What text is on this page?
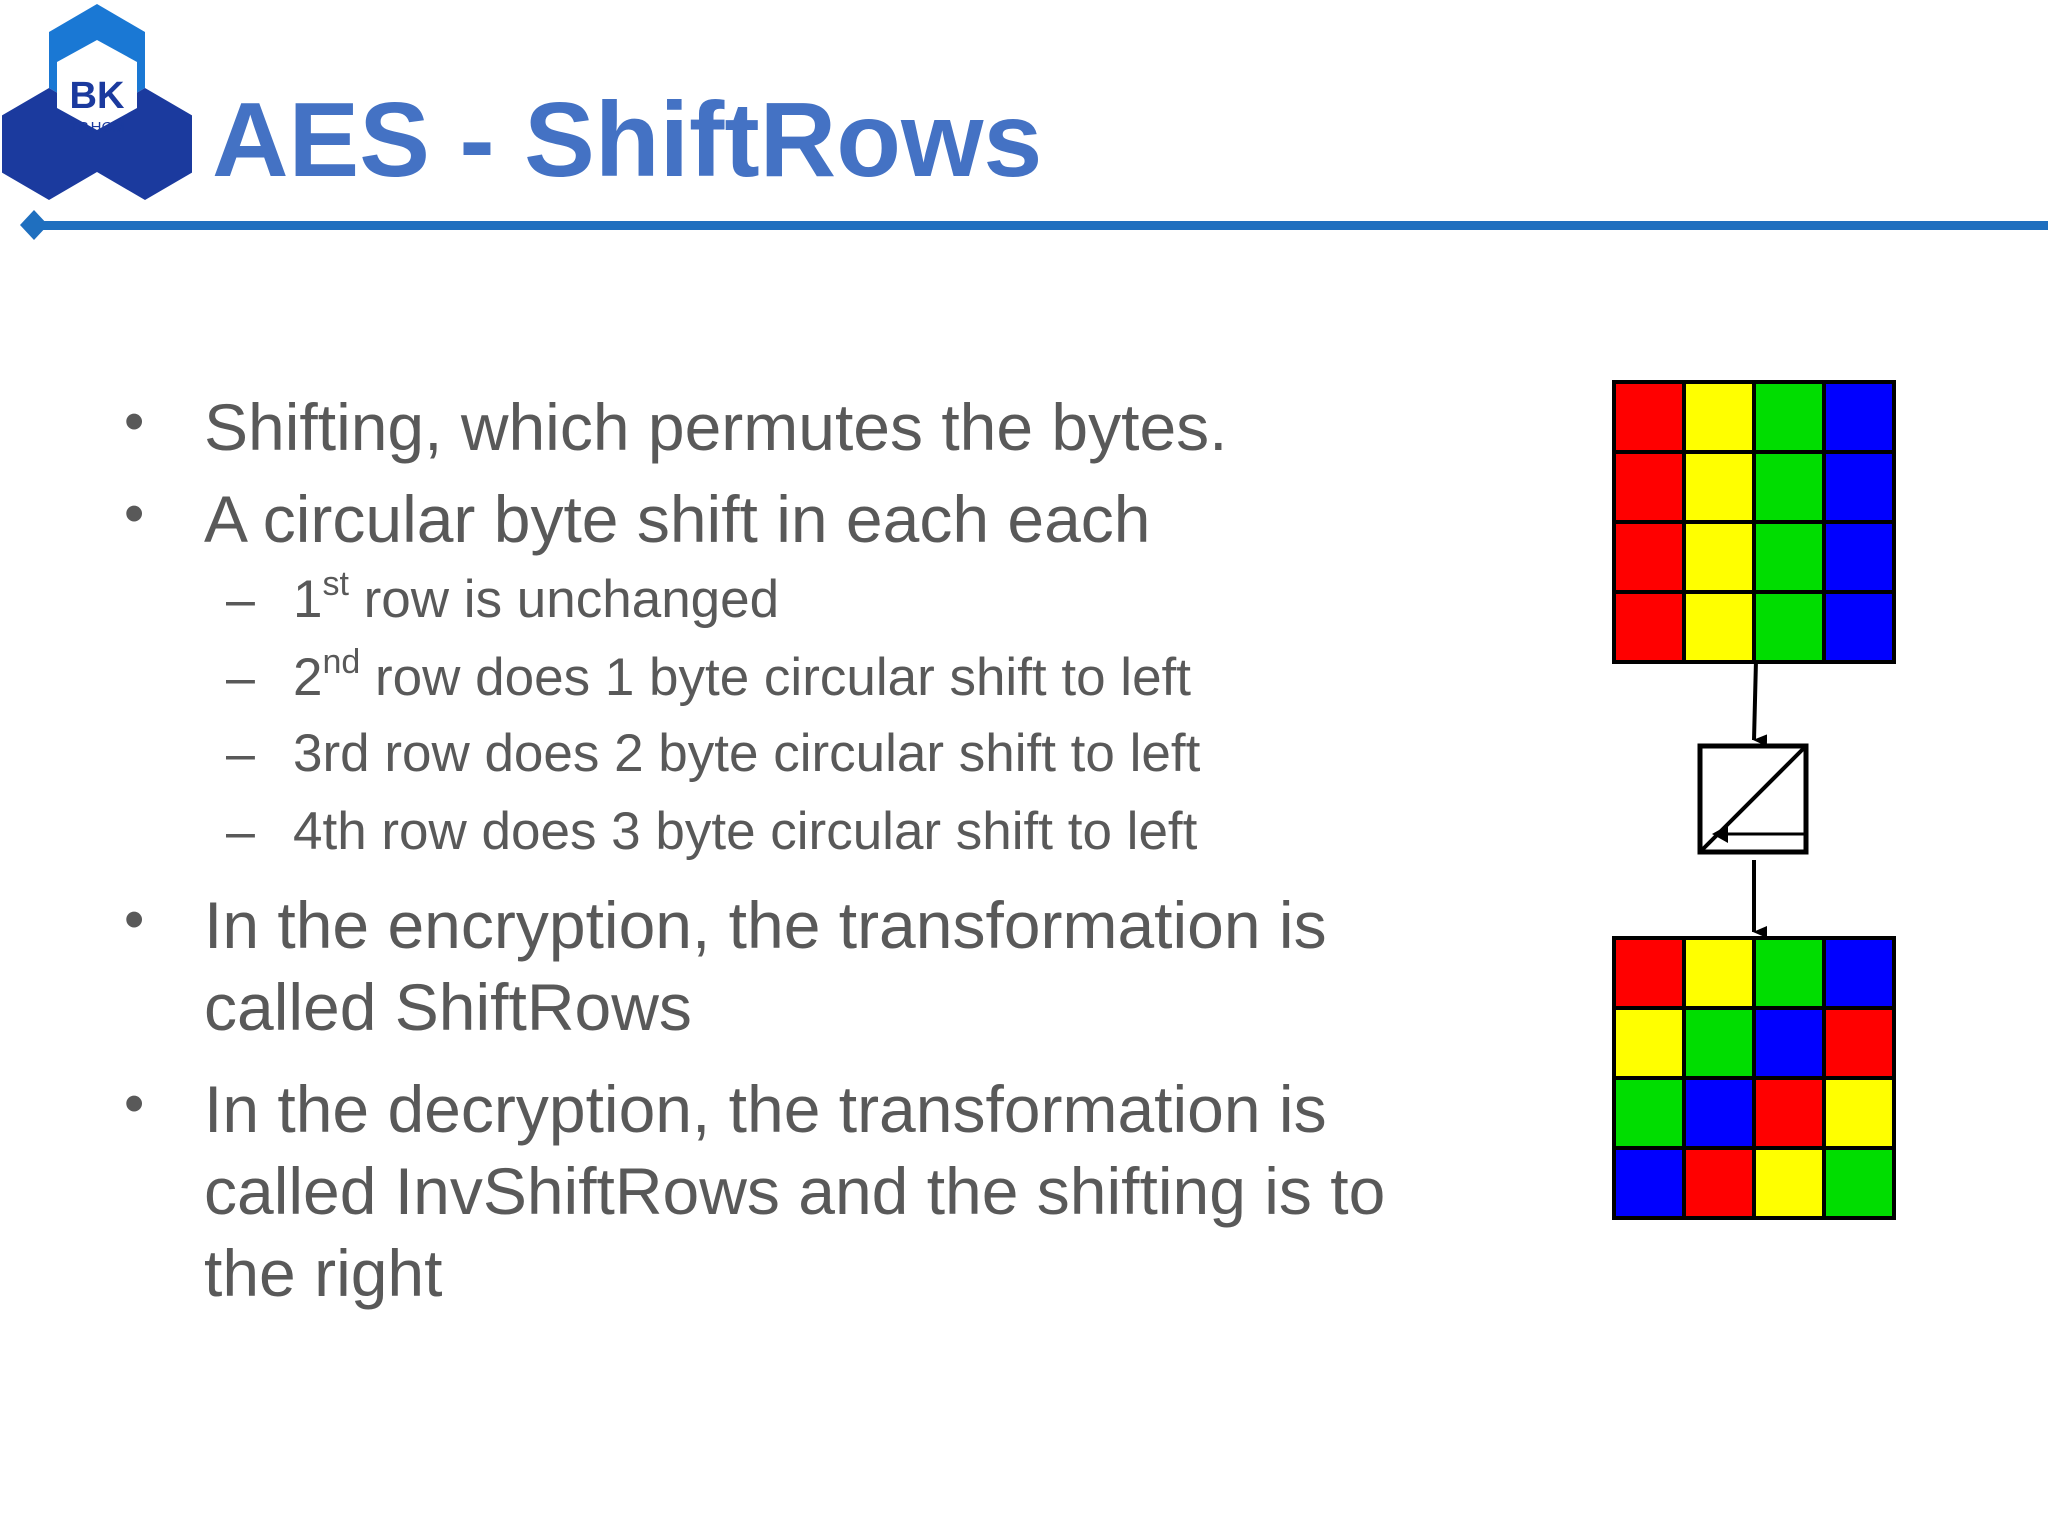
BK
TP.HCM AES - ShiftRows
• Shifting, which permutes the bytes.
• A circular byte shift in each each
– 1st row is unchanged
– 2nd row does 1 byte circular shift to left
– 3rd row does 2 byte circular shift to left
– 4th row does 3 byte circular shift to left
• In the encryption, the transformation is
called ShiftRows
• In the decryption, the transformation is
called InvShiftRows and the shifting is to
the right
